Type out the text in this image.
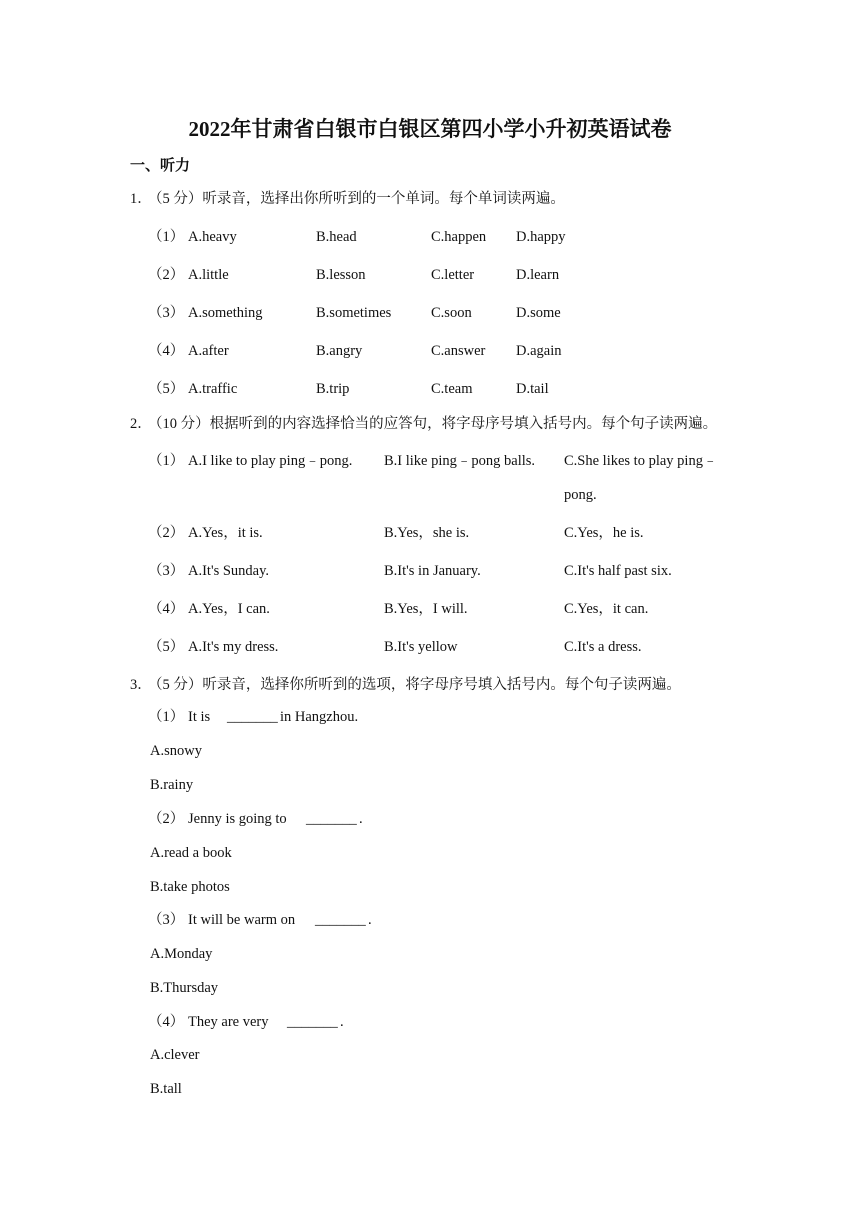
2022年甘肃省白银市白银区第四小学小升初英语试卷
一、听力
1．
（5 分）听录音，选择出你所听到的一个单词。每个单词读两遍。
（1） A.heavy	B.head	C.happen D.happy
（2） A.little	B.lesson	C.letter	D.learn
（3） A.something	B.sometimes	C.soon	D.some
（4） A.after	B.angry	C.answer D.again
（5） A.traffic	B.trip	C.team	D.tail
2．
（10 分）根据听到的内容选择恰当的应答句，将字母序号填入括号内。每个句子读两遍。
（1） A.I like to play ping﹣pong. B.I like ping﹣pong balls. C.She likes to play ping﹣
pong.
（2） A.Yes，it is.	B.Yes，she is.	C.Yes，he is.
（3） A.It's Sunday.	B.It's in January.	C.It's half past six.
（4） A.Yes，I can.	B.Yes，I will.	C.Yes，it can.
（5） A.It's my dress.	B.It's yellow	C.It's a dress.
3．
（5 分）听录音，选择你所听到的选项，将字母序号填入括号内。每个句子读两遍。
（1） It is _______ in Hangzhou.
A.snowy
B.rainy
（2） Jenny is going to _______ .
A.read a book
B.take photos
（3） It will be warm on _______ .
A.Monday
B.Thursday
（4） They are very _______ .
A.clever
B.tall
